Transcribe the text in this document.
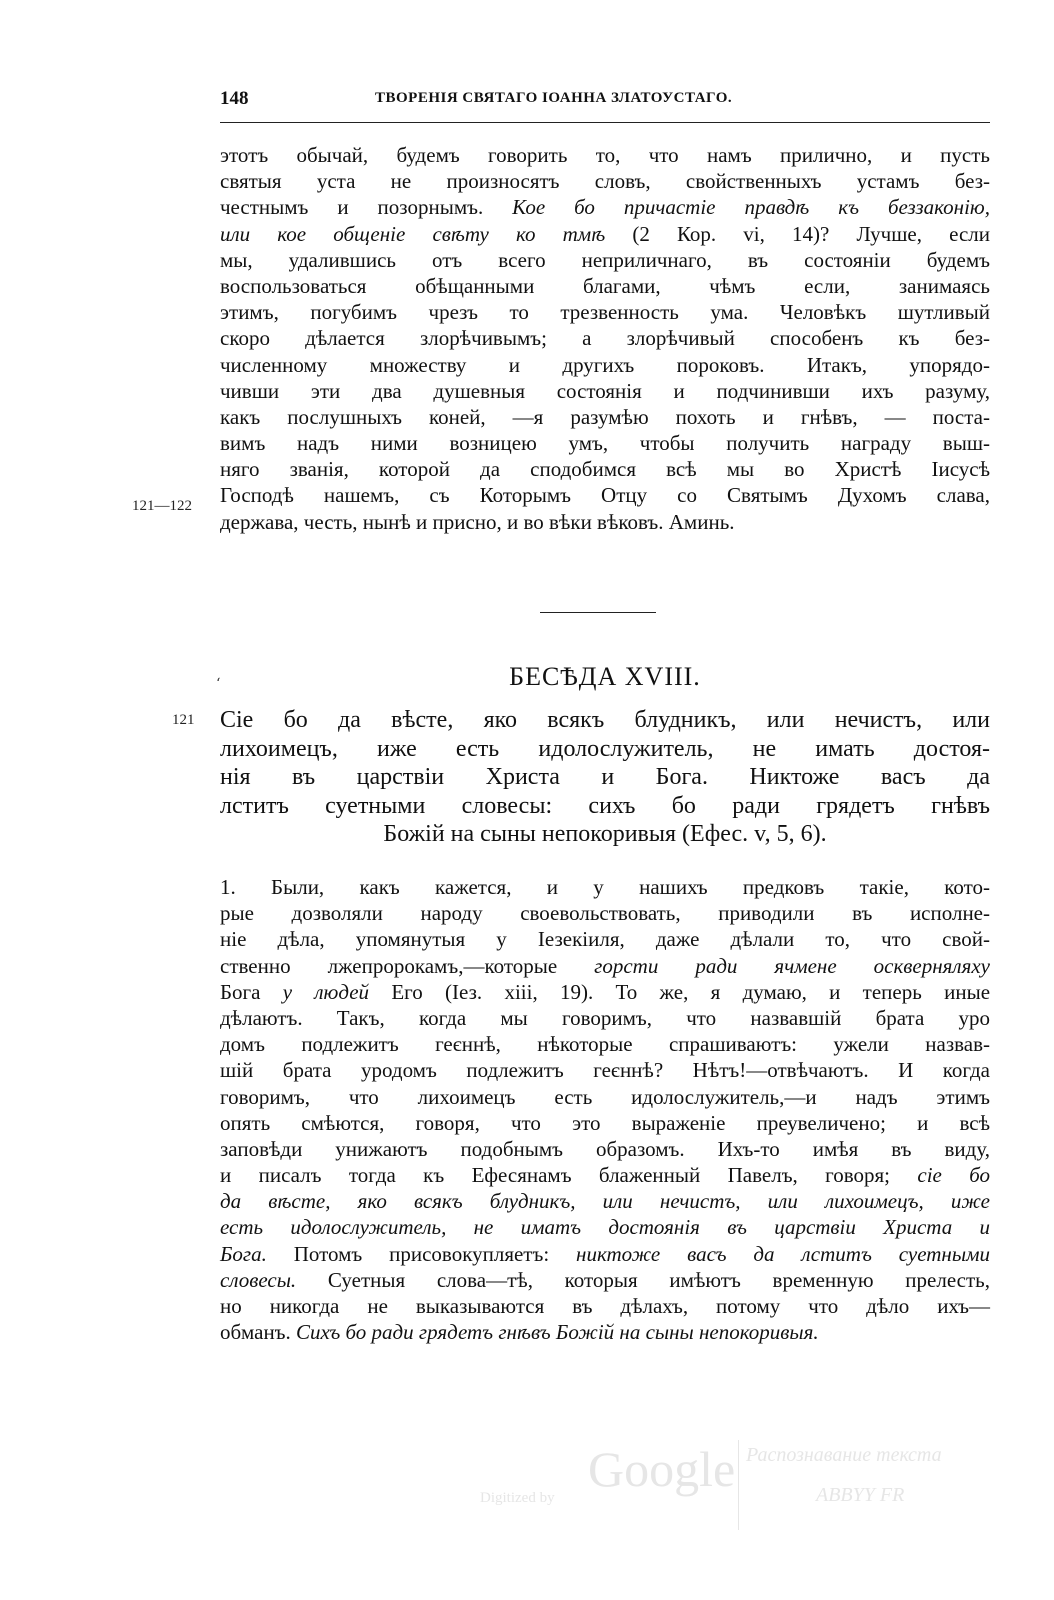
148	ТВОРЕНІЯ СВЯТАГО ІОАННА ЗЛАТОУСТАГО.
этотъ обычай, будемъ говорить то, что намъ прилично, и пусть
святыя уста не произносятъ словъ, свойственныхъ устамъ без-
честнымъ и позорнымъ. Кое бо причастіе правдѣ къ беззаконію,
или кое общеніе свѣту ко тмѣ (2 Кор. vi, 14)? Лучше, если
мы, удалившись отъ всего неприличнаго, въ состояніи будемъ
воспользоваться обѣщанными благами, чѣмъ если, занимаясь
этимъ, погубимъ чрезъ то трезвенность ума. Человѣкъ шутливый
скоро дѣлается злорѣчивымъ; а злорѣчивый способенъ къ без-
численному множеству и другихъ пороковъ. Итакъ, упорядо-
чивши эти два душевныя состоянія и подчинивши ихъ разуму,
какъ послушныхъ коней, —я разумѣю похоть и гнѣвъ, — поста-
вимъ надъ ними возницею умъ, чтобы получить награду выш-
няго званія, которой да сподобимся всѣ мы во Христѣ Іисусѣ
Господѣ нашемъ, съ Которымъ Отцу со Святымъ Духомъ слава,
держава, честь, нынѣ и присно, и во вѣки вѣковъ. Аминь.
121—122
ʻ	БЕСѢДА XVIII.
121 Сіе бо да вѣсте, яко всякъ блудникъ, или нечистъ, или
лихоимецъ, иже есть идолослужитель, не имать достоя-
нія въ царствіи Христа и Бога. Никтоже васъ да
лститъ суетными словесы: сихъ бо ради грядетъ гнѣвъ
Божій на сыны непокоривыя (Ефес. v, 5, 6).
1. Были, какъ кажется, и у нашихъ предковъ такіе, кото-
рые дозволяли народу своевольствовать, приводили въ исполне-
ніе дѣла, упомянутыя у Іезекіиля, даже дѣлали то, что свой-
ственно лжепророкамъ,—которые горсти ради ячмене оскверняляху
Бога у людей Его (Іез. xiii, 19). То же, я думаю, и теперь иные
дѣлаютъ. Такъ, когда мы говоримъ, что назвавшій брата уро
домъ подлежитъ геєннѣ, нѣкоторые спрашиваютъ: ужели назвав-
шій брата уродомъ подлежитъ геєннѣ? Нѣтъ!—отвѣчаютъ. И когда
говоримъ, что лихоимецъ есть идолослужитель,—и надъ этимъ
опять смѣются, говоря, что это выраженіе преувеличено; и всѣ
заповѣди унижаютъ подобнымъ образомъ. Ихъ-то имѣя въ виду,
и писалъ тогда къ Ефесянамъ блаженный Павелъ, говоря; сіе бо
да вѣсте, яко всякъ блудникъ, или нечистъ, или лихоимецъ, иже
есть идолослужитель, не иматъ достоянія въ царствіи Христа и
Бога. Потомъ присовокупляетъ: никтоже васъ да лститъ суетными
словесы. Суетныя слова—тѣ, которыя имѣютъ временную прелесть,
но никогда не выказываются въ дѣлахъ, потому что дѣло ихъ—
обманъ. Сихъ бо ради грядетъ гнѣвъ Божій на сыны непокоривыя.
Digitized by
Google Распознавание текста
ABBYY FR
